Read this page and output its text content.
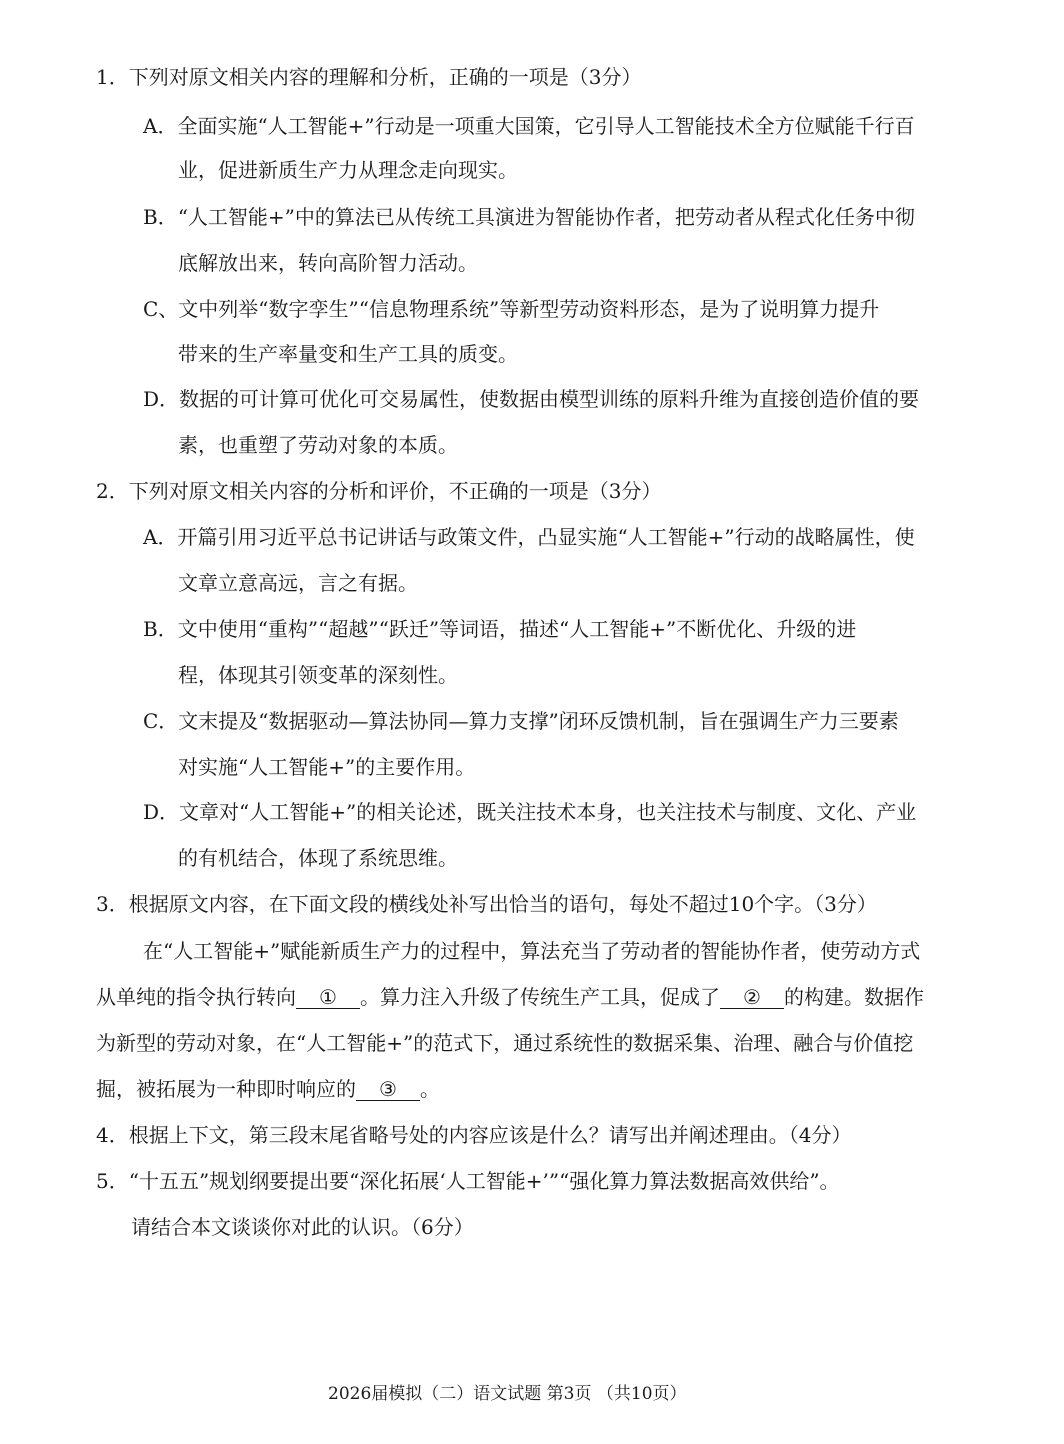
1．下列对原文相关内容的理解和分析，正确的一项是（3分）
A．全面实施“人工智能+”行动是一项重大国策，它引导人工智能技术全方位赋能千行百
业，促进新质生产力从理念走向现实。
B．“人工智能+”中的算法已从传统工具演进为智能协作者，把劳动者从程式化任务中彻
底解放出来，转向高阶智力活动。
C、文中列举“数字孪生”“信息物理系统”等新型劳动资料形态，是为了说明算力提升
带来的生产率量变和生产工具的质变。
D．数据的可计算可优化可交易属性，使数据由模型训练的原料升维为直接创造价值的要
素，也重塑了劳动对象的本质。
2．下列对原文相关内容的分析和评价，不正确的一项是（3分）
A．开篇引用习近平总书记讲话与政策文件，凸显实施“人工智能+”行动的战略属性，使
文章立意高远，言之有据。
B．文中使用“重构”“超越”“跃迁”等词语，描述“人工智能+”不断优化、升级的进
程，体现其引领变革的深刻性。
C．文末提及“数据驱动—算法协同—算力支撑”闭环反馈机制，旨在强调生产力三要素
对实施“人工智能+”的主要作用。
D．文章对“人工智能+”的相关论述，既关注技术本身，也关注技术与制度、文化、产业
的有机结合，体现了系统思维。
3．根据原文内容，在下面文段的横线处补写出恰当的语句，每处不超过10个字。（3分）
在“人工智能+”赋能新质生产力的过程中，算法充当了劳动者的智能协作者，使劳动方式
从单纯的指令执行转向 ① 。算力注入升级了传统生产工具，促成了 ② 的构建。数据作
为新型的劳动对象，在“人工智能+”的范式下，通过系统性的数据采集、治理、融合与价值挖
掘，被拓展为一种即时响应的 ③ 。
4．根据上下文，第三段末尾省略号处的内容应该是什么？请写出并阐述理由。（4分）
5．“十五五”规划纲要提出要“深化拓展‘人工智能+’”“强化算力算法数据高效供给”。
请结合本文谈谈你对此的认识。（6分）
2026届模拟（二）语文试题 第3页 （共10页）
